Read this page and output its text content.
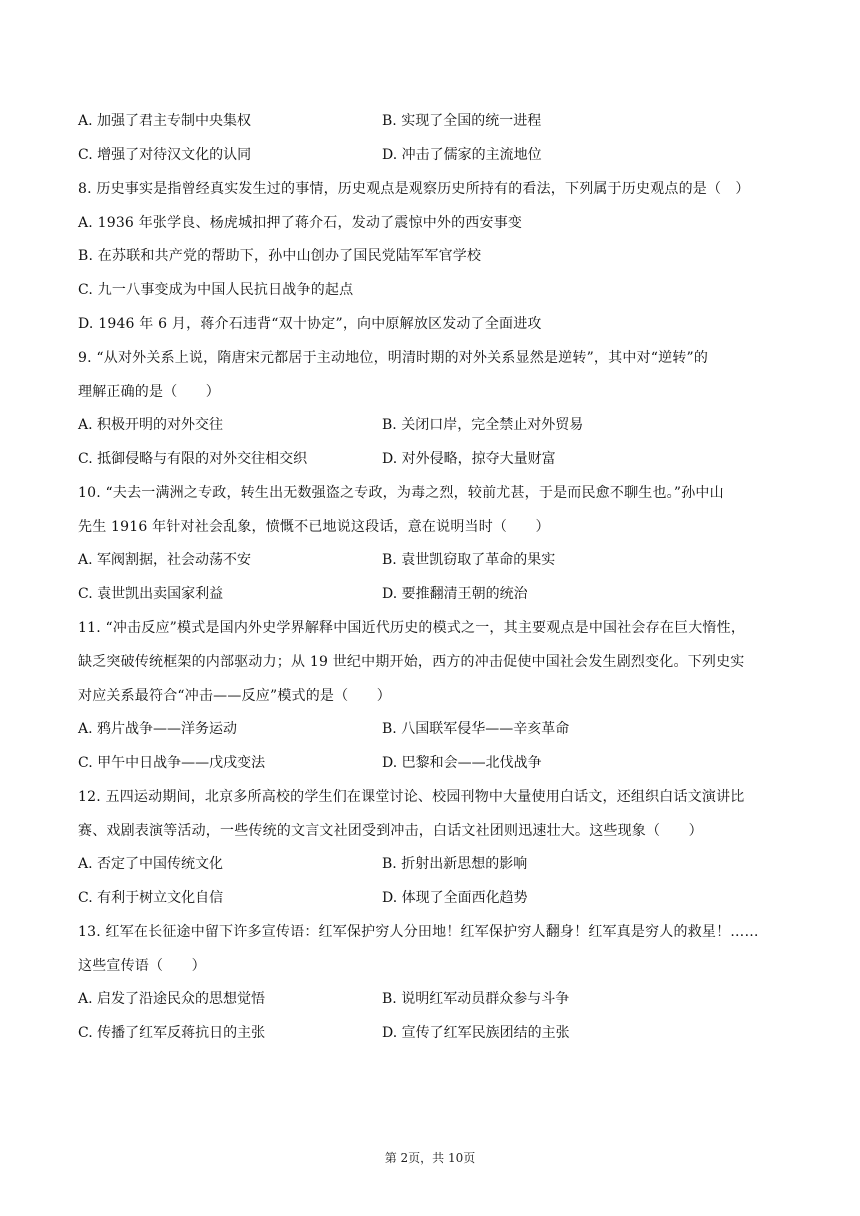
A. 加强了君主专制中央集权	B. 实现了全国的统一进程
C. 增强了对待汉文化的认同	D. 冲击了儒家的主流地位
8. 历史事实是指曾经真实发生过的事情，历史观点是观察历史所持有的看法，下列属于历史观点的是（　）
A. 1936 年张学良、杨虎城扣押了蒋介石，发动了震惊中外的西安事变
B. 在苏联和共产党的帮助下，孙中山创办了国民党陆军军官学校
C. 九一八事变成为中国人民抗日战争的起点
D. 1946 年 6 月，蒋介石违背“双十协定”，向中原解放区发动了全面进攻
9. “从对外关系上说，隋唐宋元都居于主动地位，明清时期的对外关系显然是逆转”，其中对“逆转”的
理解正确的是（　　）
A. 积极开明的对外交往	B. 关闭口岸，完全禁止对外贸易
C. 抵御侵略与有限的对外交往相交织	D. 对外侵略，掠夺大量财富
10. “夫去一满洲之专政，转生出无数强盗之专政，为毒之烈，较前尤甚，于是而民愈不聊生也。”孙中山
先生 1916 年针对社会乱象，愤慨不已地说这段话，意在说明当时（　　）
A. 军阀割据，社会动荡不安	B. 袁世凯窃取了革命的果实
C. 袁世凯出卖国家利益	D. 要推翻清王朝的统治
11. “冲击反应”模式是国内外史学界解释中国近代历史的模式之一，其主要观点是中国社会存在巨大惰性，
缺乏突破传统框架的内部驱动力；从 19 世纪中期开始，西方的冲击促使中国社会发生剧烈变化。下列史实
对应关系最符合“冲击——反应”模式的是（　　）
A. 鸦片战争——洋务运动	B. 八国联军侵华——辛亥革命
C. 甲午中日战争——戊戌变法	D. 巴黎和会——北伐战争
12. 五四运动期间，北京多所高校的学生们在课堂讨论、校园刊物中大量使用白话文，还组织白话文演讲比
赛、戏剧表演等活动，一些传统的文言文社团受到冲击，白话文社团则迅速壮大。这些现象（　　）
A. 否定了中国传统文化	B. 折射出新思想的影响
C. 有利于树立文化自信	D. 体现了全面西化趋势
13. 红军在长征途中留下许多宣传语：红军保护穷人分田地！红军保护穷人翻身！红军真是穷人的救星！……
这些宣传语（　　）
A. 启发了沿途民众的思想觉悟	B. 说明红军动员群众参与斗争
C. 传播了红军反蒋抗日的主张	D. 宣传了红军民族团结的主张
第 2页，共 10页
